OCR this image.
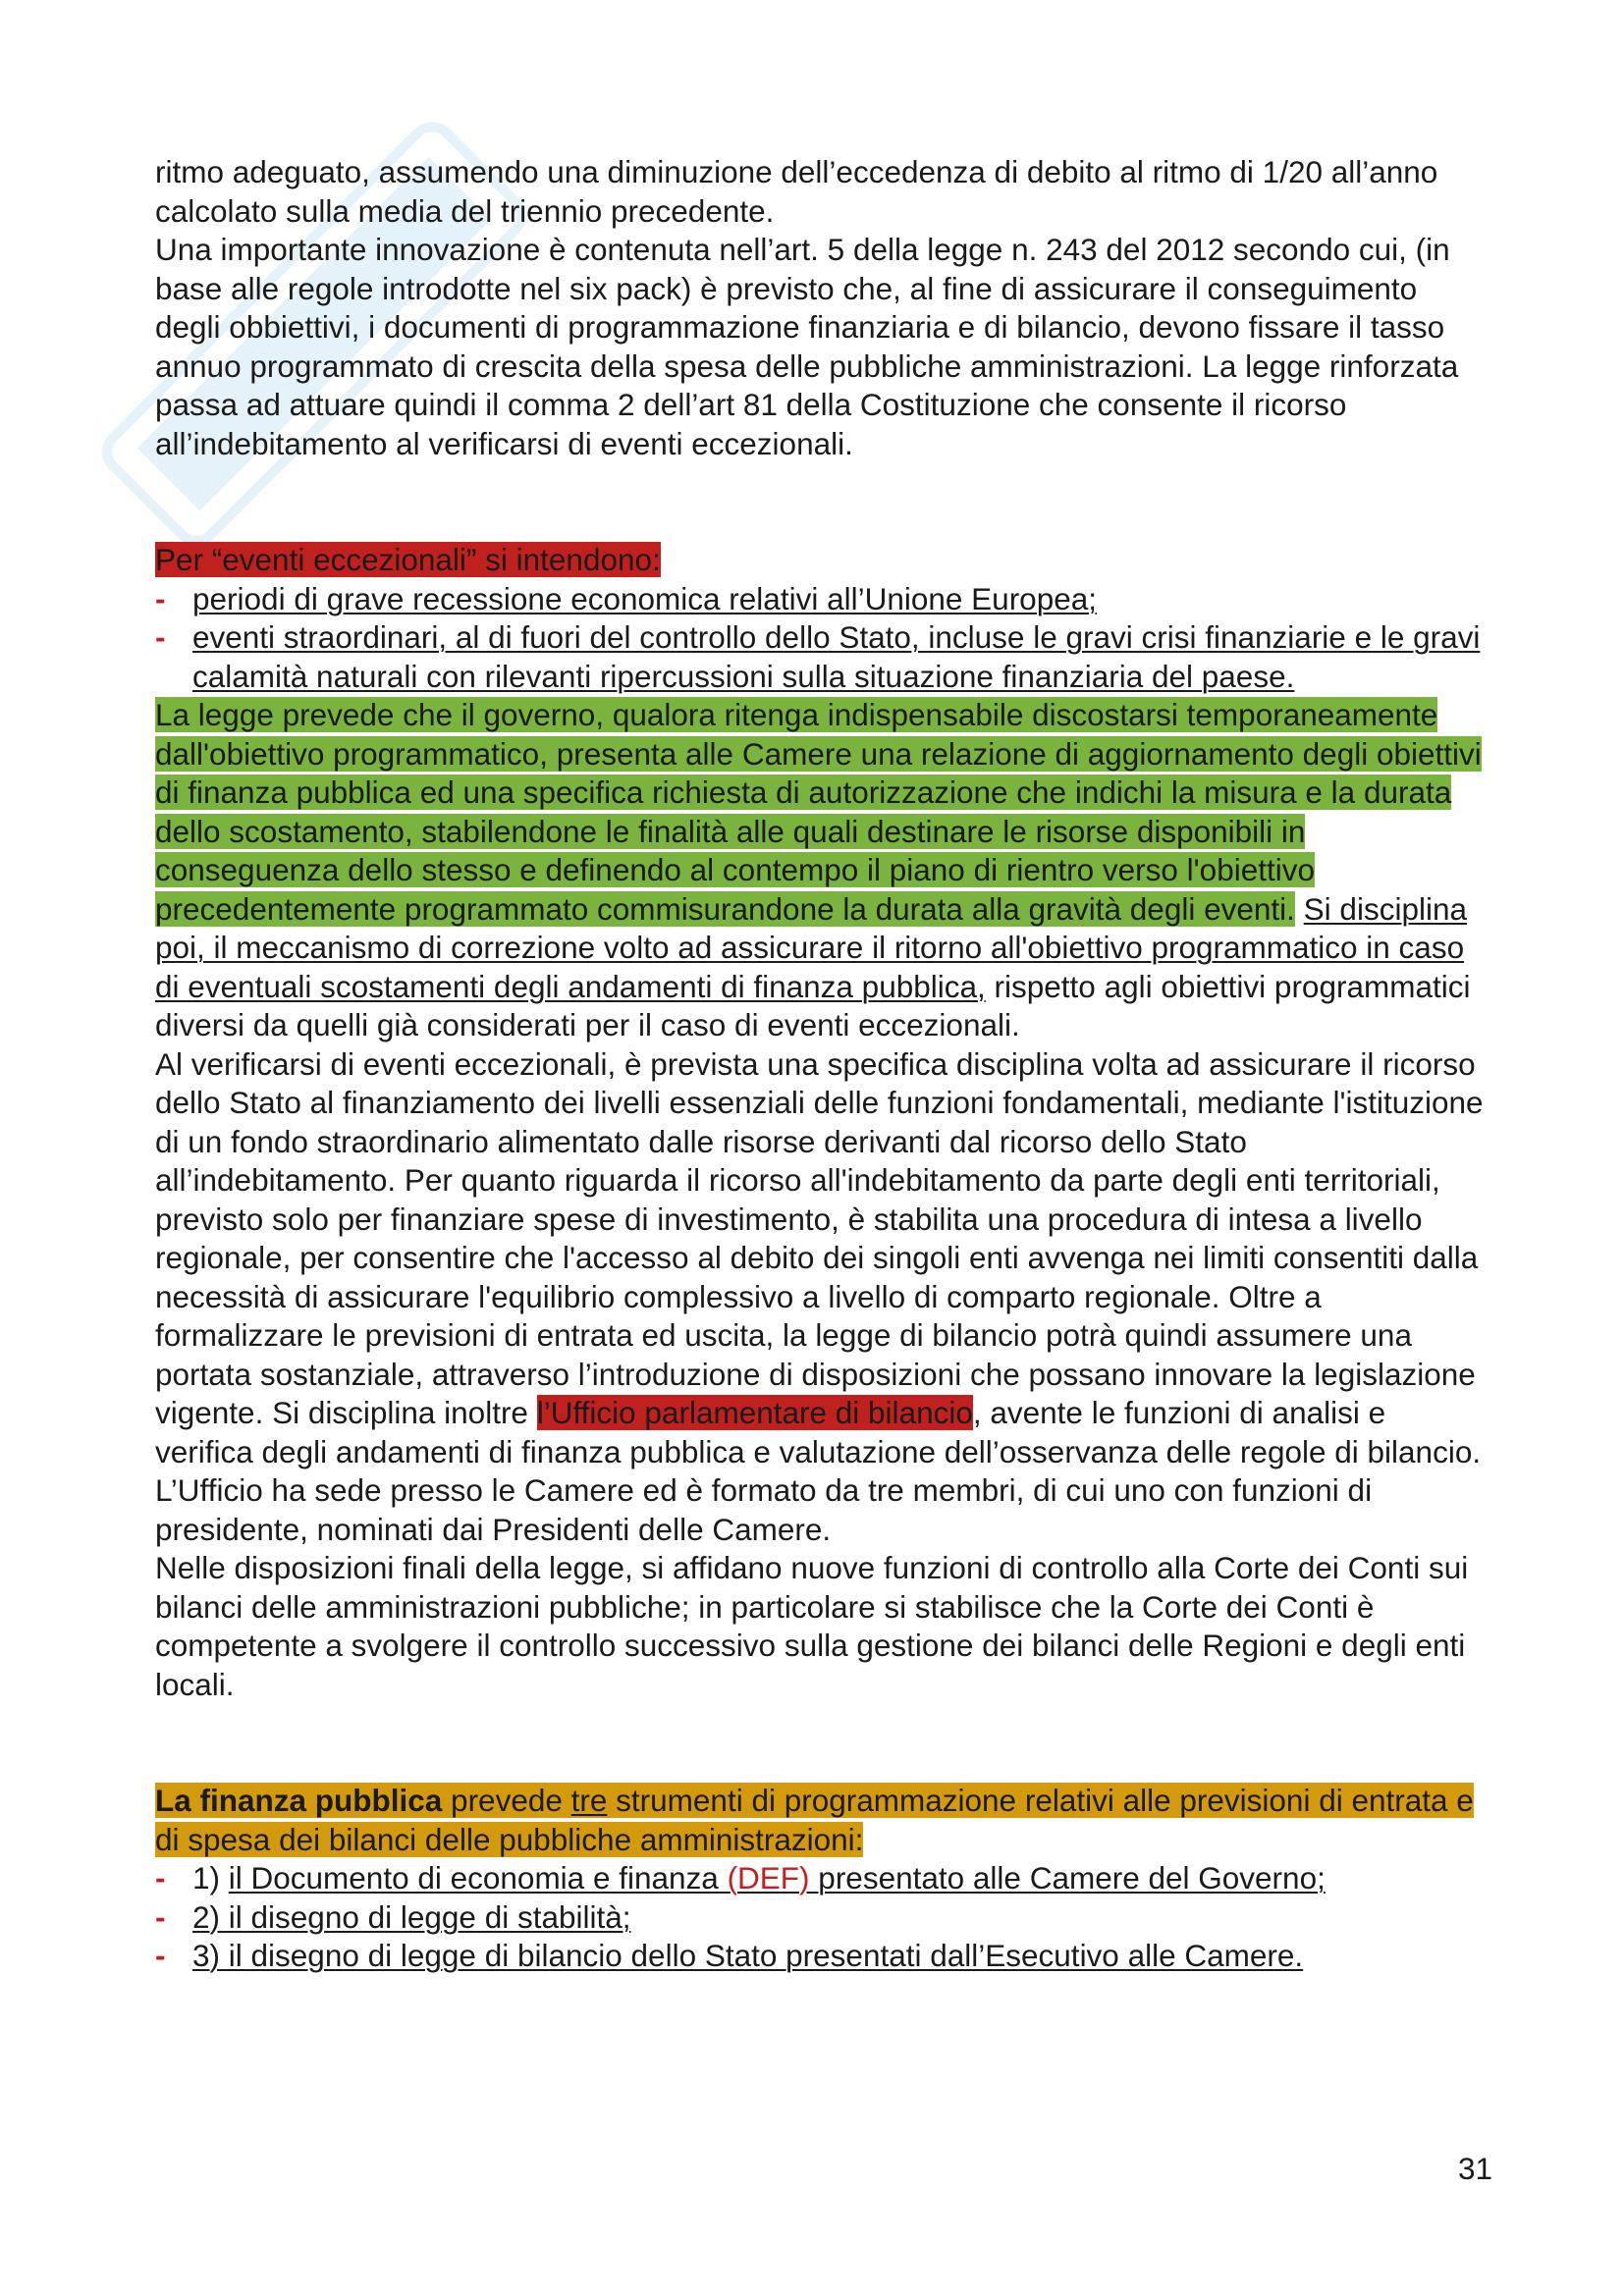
ritmo adeguato, assumendo una diminuzione dell’eccedenza di debito al ritmo di 1/20 all’anno calcolato sulla media del triennio precedente.

Una importante innovazione è contenuta nell’art. 5 della legge n. 243 del 2012 secondo cui, (in base alle regole introdotte nel six pack) è previsto che, al fine di assicurare il conseguimento degli obbiettivi, i documenti di programmazione finanziaria e di bilancio, devono fissare il tasso annuo programmato di crescita della spesa delle pubbliche amministrazioni. La legge rinforzata passa ad attuare quindi il comma 2 dell’art 81 della Costituzione che consente il ricorso all’indebitamento al verificarsi di eventi eccezionali.

Per “eventi eccezionali” si intendono:

- periodi di grave recessione economica relativi all’Unione Europea;
- eventi straordinari, al di fuori del controllo dello Stato, incluse le gravi crisi finanziarie e le gravi calamità naturali con rilevanti ripercussioni sulla situazione finanziaria del paese.

La legge prevede che il governo, qualora ritenga indispensabile discostarsi temporaneamente dall'obiettivo programmatico, presenta alle Camere una relazione di aggiornamento degli obiettivi di finanza pubblica ed una specifica richiesta di autorizzazione che indichi la misura e la durata dello scostamento, stabilendone le finalità alle quali destinare le risorse disponibili in conseguenza dello stesso e definendo al contempo il piano di rientro verso l'obiettivo precedentemente programmato commisurandone la durata alla gravità degli eventi. Si disciplina poi, il meccanismo di correzione volto ad assicurare il ritorno all'obiettivo programmatico in caso di eventuali scostamenti degli andamenti di finanza pubblica, rispetto agli obiettivi programmatici diversi da quelli già considerati per il caso di eventi eccezionali.

Al verificarsi di eventi eccezionali, è prevista una specifica disciplina volta ad assicurare il ricorso dello Stato al finanziamento dei livelli essenziali delle funzioni fondamentali, mediante l'istituzione di un fondo straordinario alimentato dalle risorse derivanti dal ricorso dello Stato all’indebitamento. Per quanto riguarda il ricorso all'indebitamento da parte degli enti territoriali, previsto solo per finanziare spese di investimento, è stabilita una procedura di intesa a livello regionale, per consentire che l'accesso al debito dei singoli enti avvenga nei limiti consentiti dalla necessità di assicurare l'equilibrio complessivo a livello di comparto regionale. Oltre a formalizzare le previsioni di entrata ed uscita, la legge di bilancio potrà quindi assumere una portata sostanziale, attraverso l’introduzione di disposizioni che possano innovare la legislazione vigente. Si disciplina inoltre l’Ufficio parlamentare di bilancio, avente le funzioni di analisi e verifica degli andamenti di finanza pubblica e valutazione dell’osservanza delle regole di bilancio.

L’Ufficio ha sede presso le Camere ed è formato da tre membri, di cui uno con funzioni di presidente, nominati dai Presidenti delle Camere.

Nelle disposizioni finali della legge, si affidano nuove funzioni di controllo alla Corte dei Conti sui bilanci delle amministrazioni pubbliche; in particolare si stabilisce che la Corte dei Conti è competente a svolgere il controllo successivo sulla gestione dei bilanci delle Regioni e degli enti locali.

La finanza pubblica prevede tre strumenti di programmazione relativi alle previsioni di entrata e di spesa dei bilanci delle pubbliche amministrazioni:

- 1) il Documento di economia e finanza (DEF) presentato alle Camere del Governo;
- 2) il disegno di legge di stabilità;
- 3) il disegno di legge di bilancio dello Stato presentati dall’Esecutivo alle Camere.
31
